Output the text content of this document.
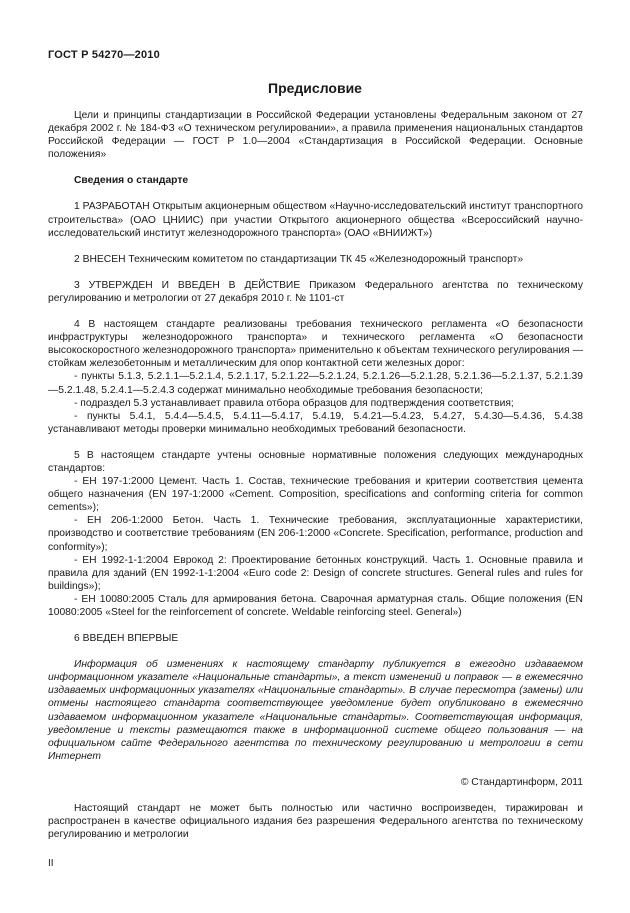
ГОСТ Р 54270—2010
Предисловие

Цели и принципы стандартизации в Российской Федерации установлены Федеральным законом от 27 декабря 2002 г. № 184-ФЗ «О техническом регулировании», а правила применения национальных стандартов Российской Федерации — ГОСТ Р 1.0—2004 «Стандартизация в Российской Федерации. Основные положения»

Сведения о стандарте

1 РАЗРАБОТАН Открытым акционерным обществом «Научно-исследовательский институт транспортного строительства» (ОАО ЦНИИС) при участии Открытого акционерного общества «Всероссийский научно-исследовательский институт железнодорожного транспорта» (ОАО «ВНИИЖТ»)

2 ВНЕСЕН Техническим комитетом по стандартизации ТК 45 «Железнодорожный транспорт»

3 УТВЕРЖДЕН И ВВЕДЕН В ДЕЙСТВИЕ Приказом Федерального агентства по техническому регулированию и метрологии от 27 декабря 2010 г. № 1101-ст

4 В настоящем стандарте реализованы требования технического регламента «О безопасности инфраструктуры железнодорожного транспорта» и технического регламента «О безопасности высокоскоростного железнодорожного транспорта» применительно к объектам технического регулирования — стойкам железобетонным и металлическим для опор контактной сети железных дорог:

- пункты 5.1.3, 5.2.1.1—5.2.1.4, 5.2.1.17, 5.2.1.22—5.2.1.24, 5.2.1.26—5.2.1.28, 5.2.1.36—5.2.1.37, 5.2.1.39—5.2.1.48, 5.2.4.1—5.2.4.3 содержат минимально необходимые требования безопасности;

- подраздел 5.3 устанавливает правила отбора образцов для подтверждения соответствия;

- пункты 5.4.1, 5.4.4—5.4.5, 5.4.11—5.4.17, 5.4.19, 5.4.21—5.4.23, 5.4.27, 5.4.30—5.4.36, 5.4.38 устанавливают методы проверки минимально необходимых требований безопасности.

5 В настоящем стандарте учтены основные нормативные положения следующих международных стандартов:

- ЕН 197-1:2000 Цемент. Часть 1. Состав, технические требования и критерии соответствия цемента общего назначения (EN 197-1:2000 «Cement. Composition, specifications and conforming criteria for common cements»);

- ЕН 206-1:2000 Бетон. Часть 1. Технические требования, эксплуатационные характеристики, производство и соответствие требованиям (EN 206-1:2000 «Concrete. Specification, performance, production and conformity»);

- ЕН 1992-1-1:2004 Еврокод 2: Проектирование бетонных конструкций. Часть 1. Основные правила и правила для зданий (EN 1992-1-1:2004 «Euro code 2: Design of concrete structures. General rules and rules for buildings»);

- ЕН 10080:2005 Сталь для армирования бетона. Сварочная арматурная сталь. Общие положения (EN 10080:2005 «Steel for the reinforcement of concrete. Weldable reinforcing steel. General»)

6 ВВЕДЕН ВПЕРВЫЕ

Информация об изменениях к настоящему стандарту публикуется в ежегодно издаваемом информационном указателе «Национальные стандарты», а текст изменений и поправок — в ежемесячно издаваемых информационных указателях «Национальные стандарты». В случае пересмотра (замены) или отмены настоящего стандарта соответствующее уведомление будет опубликовано в ежемесячно издаваемом информационном указателе «Национальные стандарты». Соответствующая информация, уведомление и тексты размещаются также в информационной системе общего пользования — на официальном сайте Федерального агентства по техническому регулированию и метрологии в сети Интернет

© Стандартинформ, 2011

Настоящий стандарт не может быть полностью или частично воспроизведен, тиражирован и распространен в качестве официального издания без разрешения Федерального агентства по техническому регулированию и метрологии

II
